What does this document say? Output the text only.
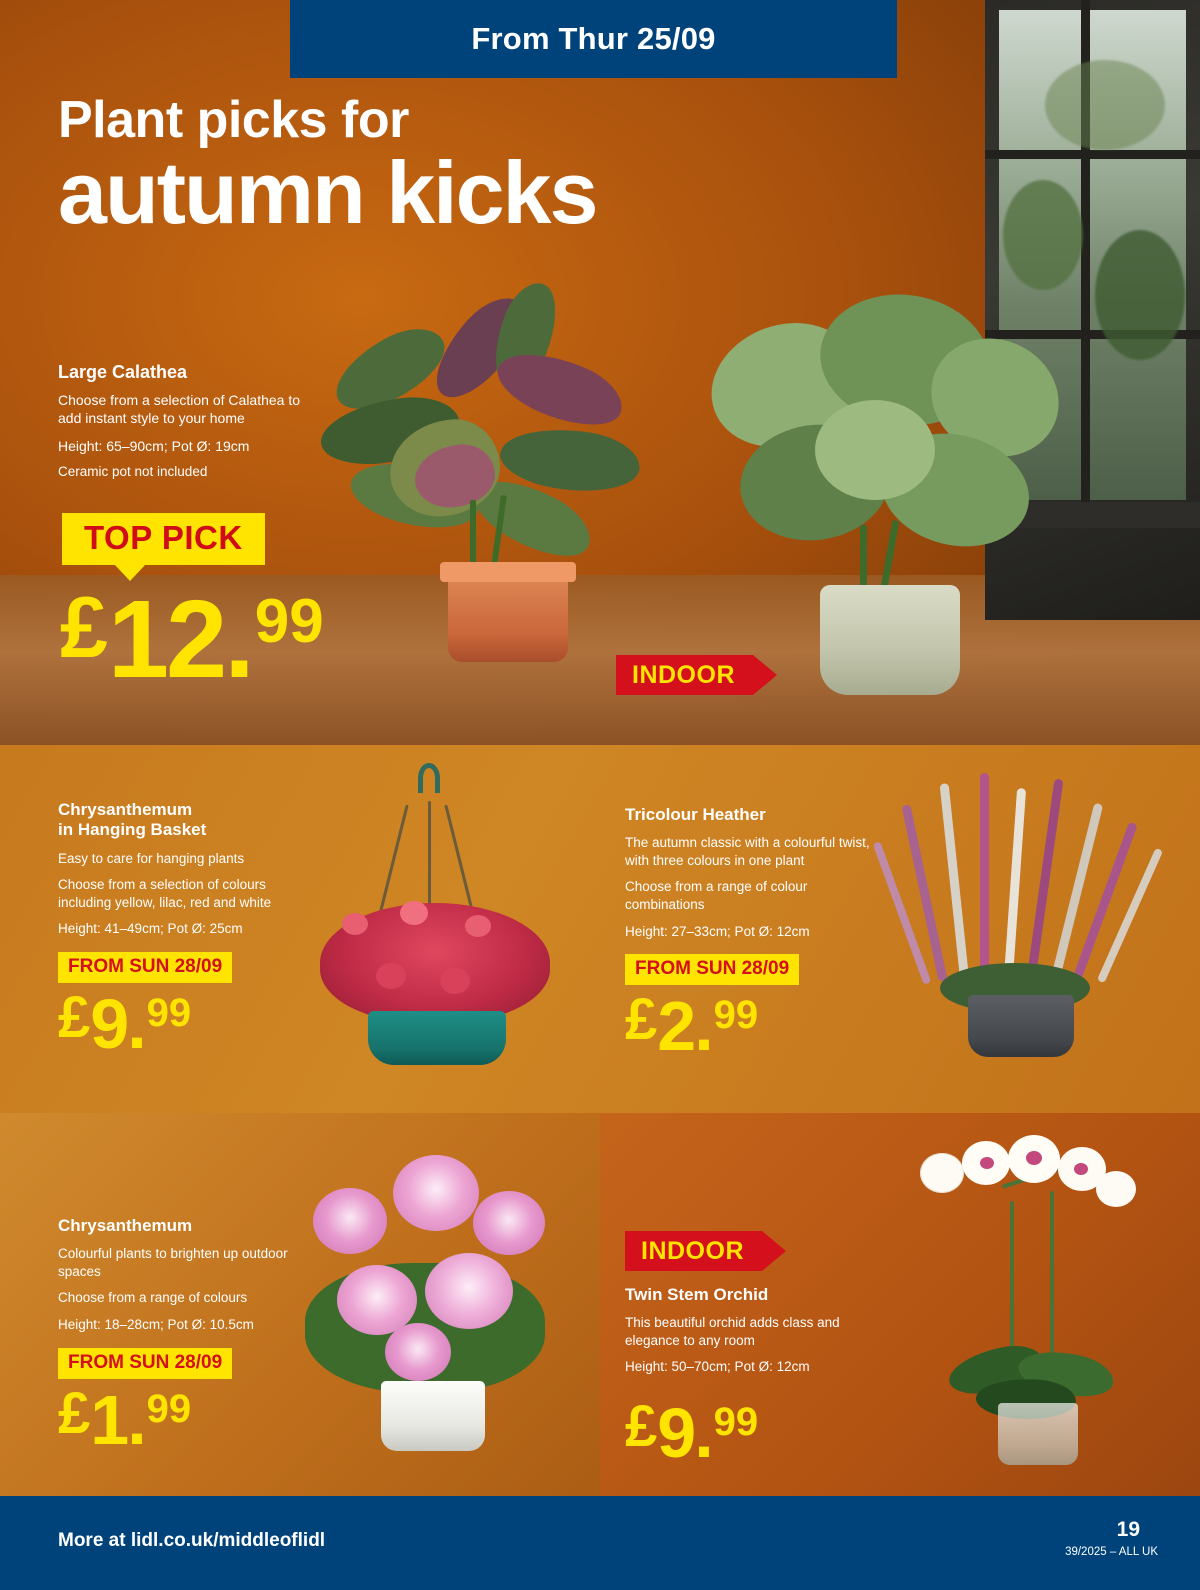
From Thur 25/09
Plant picks for
autumn kicks
Large Calathea
Choose from a selection of Calathea to add instant style to your home
Height: 65–90cm; Pot Ø: 19cm
Ceramic pot not included
TOP PICK
£ 12 . 99
INDOOR
Chrysanthemum
in Hanging Basket
Easy to care for hanging plants
Choose from a selection of colours including yellow, lilac, red and white
Height: 41–49cm; Pot Ø: 25cm
FROM SUN 28/09
£ 9 . 99
Tricolour Heather
The autumn classic with a colourful twist, with three colours in one plant
Choose from a range of colour combinations
Height: 27–33cm; Pot Ø: 12cm
FROM SUN 28/09
£ 2 . 99
Chrysanthemum
Colourful plants to brighten up outdoor spaces
Choose from a range of colours
Height: 18–28cm; Pot Ø: 10.5cm
FROM SUN 28/09
£ 1 . 99
INDOOR
Twin Stem Orchid
This beautiful orchid adds class and elegance to any room
Height: 50–70cm; Pot Ø: 12cm
£ 9 . 99
More at lidl.co.uk/middleoflidl	19
39/2025 – ALL UK
